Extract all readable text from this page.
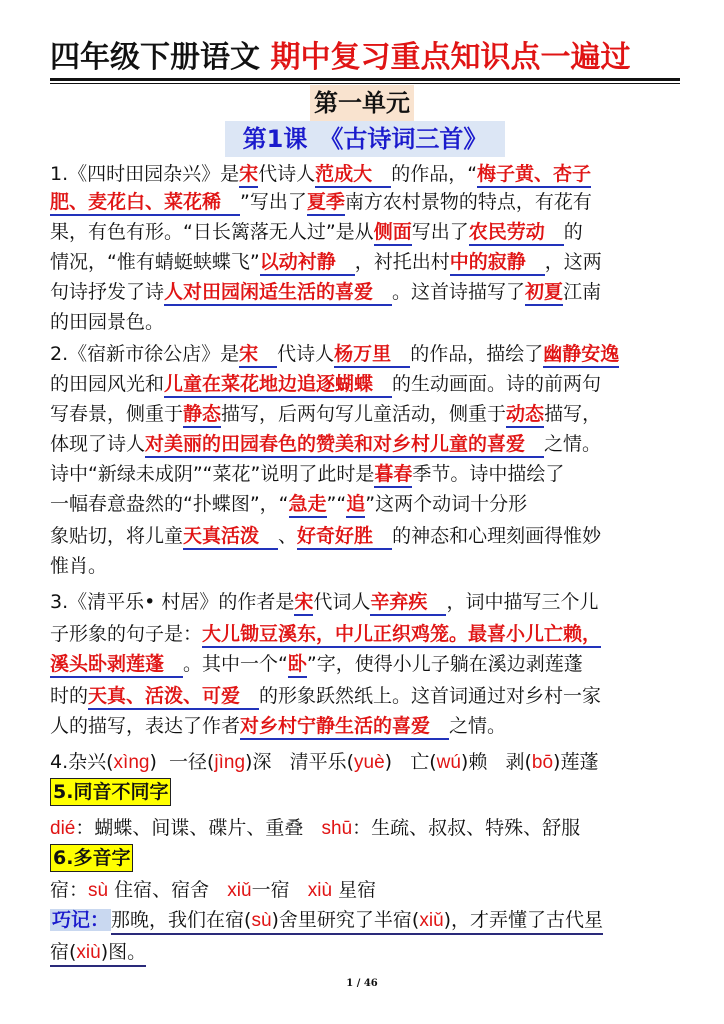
四年级下册语文 期中复习重点知识点一遍过
第一单元
第1课　《古诗词三首》
1.《四时田园杂兴》是宋代诗人范成大　的作品，“梅子黄、杏子
肥、麦花白、菜花稀　”写出了夏季南方农村景物的特点，有花有
果，有色有形。“日长篱落无人过”是从侧面写出了农民劳动　的
情况，“惟有蜻蜓蛱蝶飞”以动衬静　，衬托出村中的寂静　，这两
句诗抒发了诗人对田园闲适生活的喜爱　。这首诗描写了初夏江南
的田园景色。
2.《宿新市徐公店》是宋　代诗人杨万里　的作品，描绘了幽静安逸
的田园风光和儿童在菜花地边追逐蝴蝶　的生动画面。诗的前两句
写春景，侧重于静态描写，后两句写儿童活动，侧重于动态描写，
体现了诗人对美丽的田园春色的赞美和对乡村儿童的喜爱　之情。
诗中“新绿未成阴”“菜花”说明了此时是暮春季节。诗中描绘了
一幅春意盎然的“扑蝶图”，“急走”“追”这两个动词十分形
象贴切，将儿童天真活泼　、好奇好胜　的神态和心理刻画得惟妙
惟肖。
3.《清平乐• 村居》的作者是宋代词人辛弃疾　，词中描写三个儿
子形象的句子是：大儿锄豆溪东，中儿正织鸡笼。最喜小儿亡赖，
溪头卧剥莲蓬　。其中一个“卧”字，使得小儿子躺在溪边剥莲蓬
时的天真、活泼、可爱　的形象跃然纸上。这首词通过对乡村一家
人的描写，表达了作者对乡村宁静生活的喜爱　之情。
4.杂兴(xìng) 一径(jìng)深 清平乐(yuè) 亡(wú)赖 剥(bō)莲蓬
5.同音不同字
dié：蝴蝶、间谍、碟片、重叠 shū：生疏、叔叔、特殊、舒服
6.多音字
宿：sù 住宿、宿舍 xiǔ一宿 xiù 星宿
巧记： 那晚，我们在宿(sù)舍里研究了半宿(xiǔ)，才弄懂了古代星
宿(xiù)图。
1 / 46
